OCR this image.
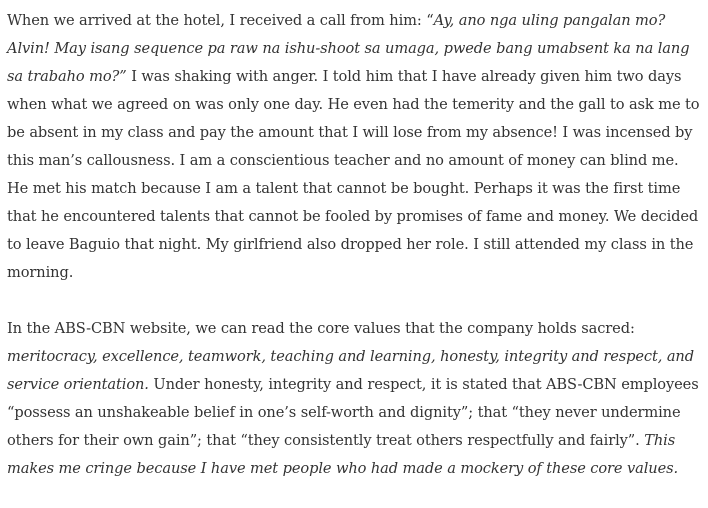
When we arrived at the hotel, I received a call from him: “Ay, ano nga uling pangalan mo? Alvin! May isang sequence pa raw na ishu-shoot sa umaga, pwede bang umabsent ka na lang sa trabaho mo?” I was shaking with anger. I told him that I have already given him two days when what we agreed on was only one day. He even had the temerity and the gall to ask me to be absent in my class and pay the amount that I will lose from my absence! I was incensed by this man’s callousness. I am a conscientious teacher and no amount of money can blind me. He met his match because I am a talent that cannot be bought. Perhaps it was the first time that he encountered talents that cannot be fooled by promises of fame and money. We decided to leave Baguio that night. My girlfriend also dropped her role. I still attended my class in the morning.

In the ABS-CBN website, we can read the core values that the company holds sacred: meritocracy, excellence, teamwork, teaching and learning, honesty, integrity and respect, and service orientation. Under honesty, integrity and respect, it is stated that ABS-CBN employees “possess an unshakeable belief in one’s self-worth and dignity”; that “they never undermine others for their own gain”; that “they consistently treat others respectfully and fairly”. This makes me cringe because I have met people who had made a mockery of these core values.
